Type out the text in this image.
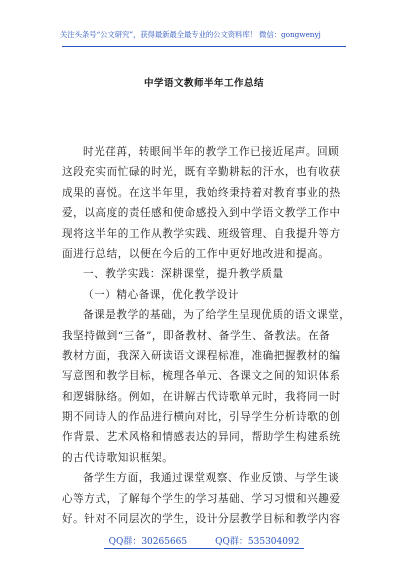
关注头条号“公文研究”，获得最新最全最专业的公文资料库！ 微信：gongwenyj
中学语文教师半年工作总结
时光荏苒，转眼间半年的教学工作已接近尾声。回顾
这段充实而忙碌的时光，既有辛勤耕耘的汗水，也有收获
成果的喜悦。在这半年里，我始终秉持着对教育事业的热
爱，以高度的责任感和使命感投入到中学语文教学工作中
现将这半年的工作从教学实践、班级管理、自我提升等方
面进行总结，以便在今后的工作中更好地改进和提高。
一、教学实践：深耕课堂，提升教学质量
（一）精心备课，优化教学设计
备课是教学的基础，为了给学生呈现优质的语文课堂，
我坚持做到“三备”，即备教材、备学生、备教法。在备
教材方面，我深入研读语文课程标准，准确把握教材的编
写意图和教学目标，梳理各单元、各课文之间的知识体系
和逻辑脉络。例如，在讲解古代诗歌单元时，我将同一时
期不同诗人的作品进行横向对比，引导学生分析诗歌的创
作背景、艺术风格和情感表达的异同，帮助学生构建系统
的古代诗歌知识框架。
备学生方面，我通过课堂观察、作业反馈、与学生谈
心等方式，了解每个学生的学习基础、学习习惯和兴趣爱
好。针对不同层次的学生，设计分层教学目标和教学内容
QQ群：30265665	QQ群：535304092
